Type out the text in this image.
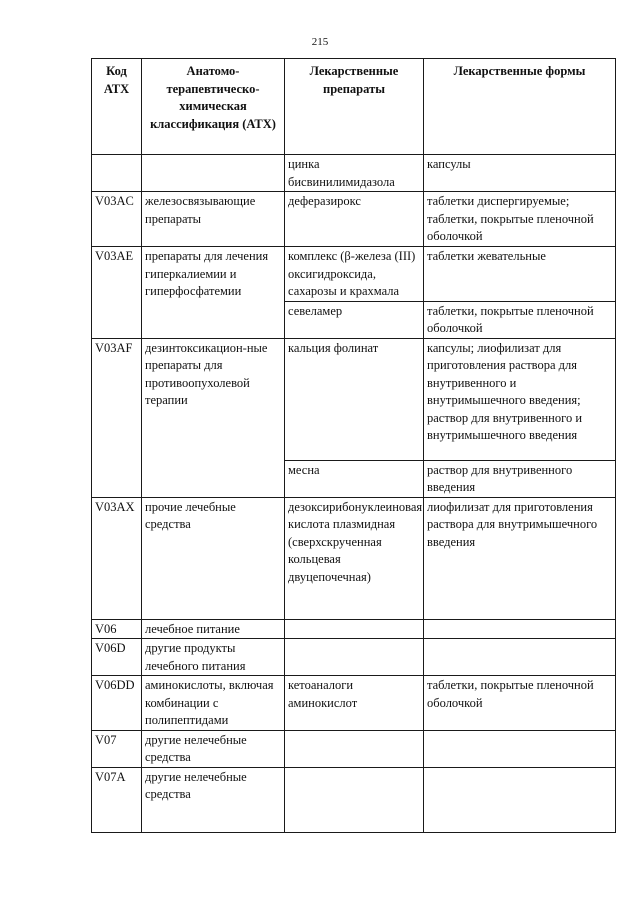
215
Код АТХ	Анатомо-терапевтическо-химическая классификация (АТХ)	Лекарственные препараты	Лекарственные формы
		цинка бисвинилимидазола	капсулы
V03AC	железосвязывающие препараты	деферазирокс	таблетки диспергируемые; таблетки, покрытые пленочной оболочкой
V03AE	препараты для лечения гиперкалиемии и гиперфосфатемии	комплекс (β-железа (III) оксигидроксида, сахарозы и крахмала	таблетки жевательные
		севеламер	таблетки, покрытые пленочной оболочкой
V03AF	дезинтоксикацион-ные препараты для противоопухолевой терапии	кальция фолинат	капсулы; лиофилизат для приготовления раствора для внутривенного и внутримышечного введения; раствор для внутривенного и внутримышечного введения
		месна	раствор для внутривенного введения
V03AX	прочие лечебные средства	дезоксирибонуклеиновая кислота плазмидная (сверхскрученная кольцевая двуцепочечная)	лиофилизат для приготовления раствора для внутримышечного введения
V06	лечебное питание		
V06D	другие продукты лечебного питания		
V06DD	аминокислоты, включая комбинации с полипептидами	кетоаналоги аминокислот	таблетки, покрытые пленочной оболочкой
V07	другие нелечебные средства		
V07A	другие нелечебные средства		
